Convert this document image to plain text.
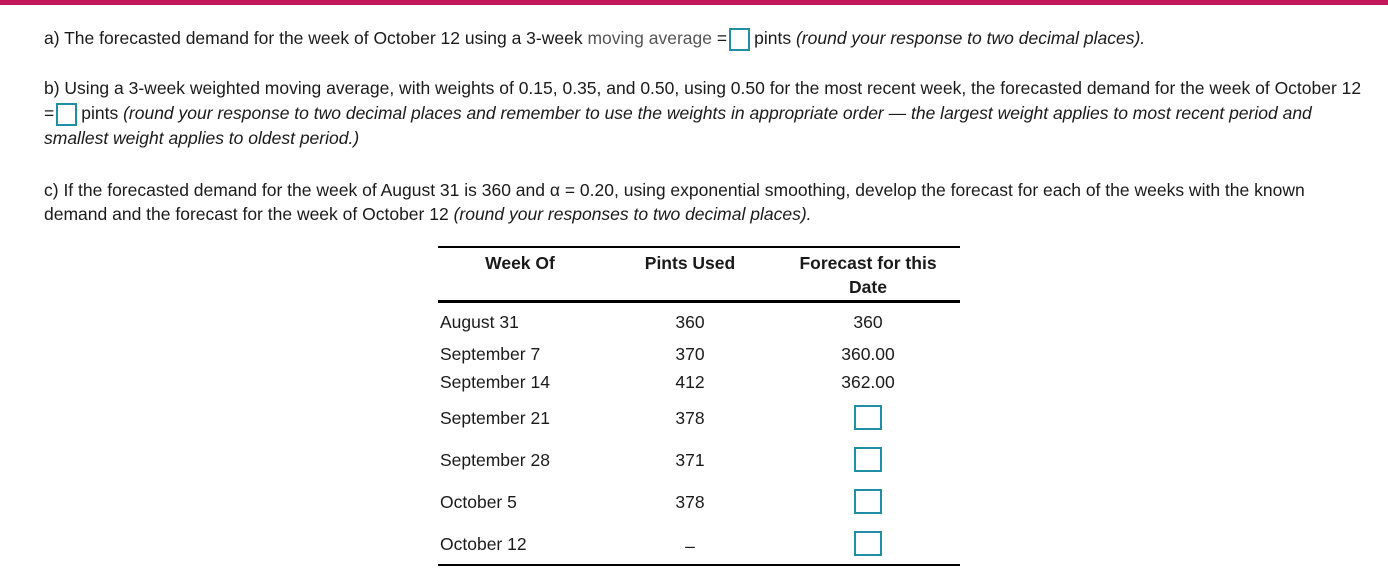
a) The forecasted demand for the week of October 12 using a 3-week moving average = pints (round your response to two decimal places).
b) Using a 3-week weighted moving average, with weights of 0.15, 0.35, and 0.50, using 0.50 for the most recent week, the forecasted demand for the week of October 12 = pints (round your response to two decimal places and remember to use the weights in appropriate order — the largest weight applies to most recent period and smallest weight applies to oldest period.)
c) If the forecasted demand for the week of August 31 is 360 and α = 0.20, using exponential smoothing, develop the forecast for each of the weeks with the known demand and the forecast for the week of October 12 (round your responses to two decimal places).
Week Of	Pints Used	Forecast for this
Date
August 31	360	360
September 7	370	360.00
September 14	412	362.00
September 21	378
September 28	371
October 5	378
October 12	–
